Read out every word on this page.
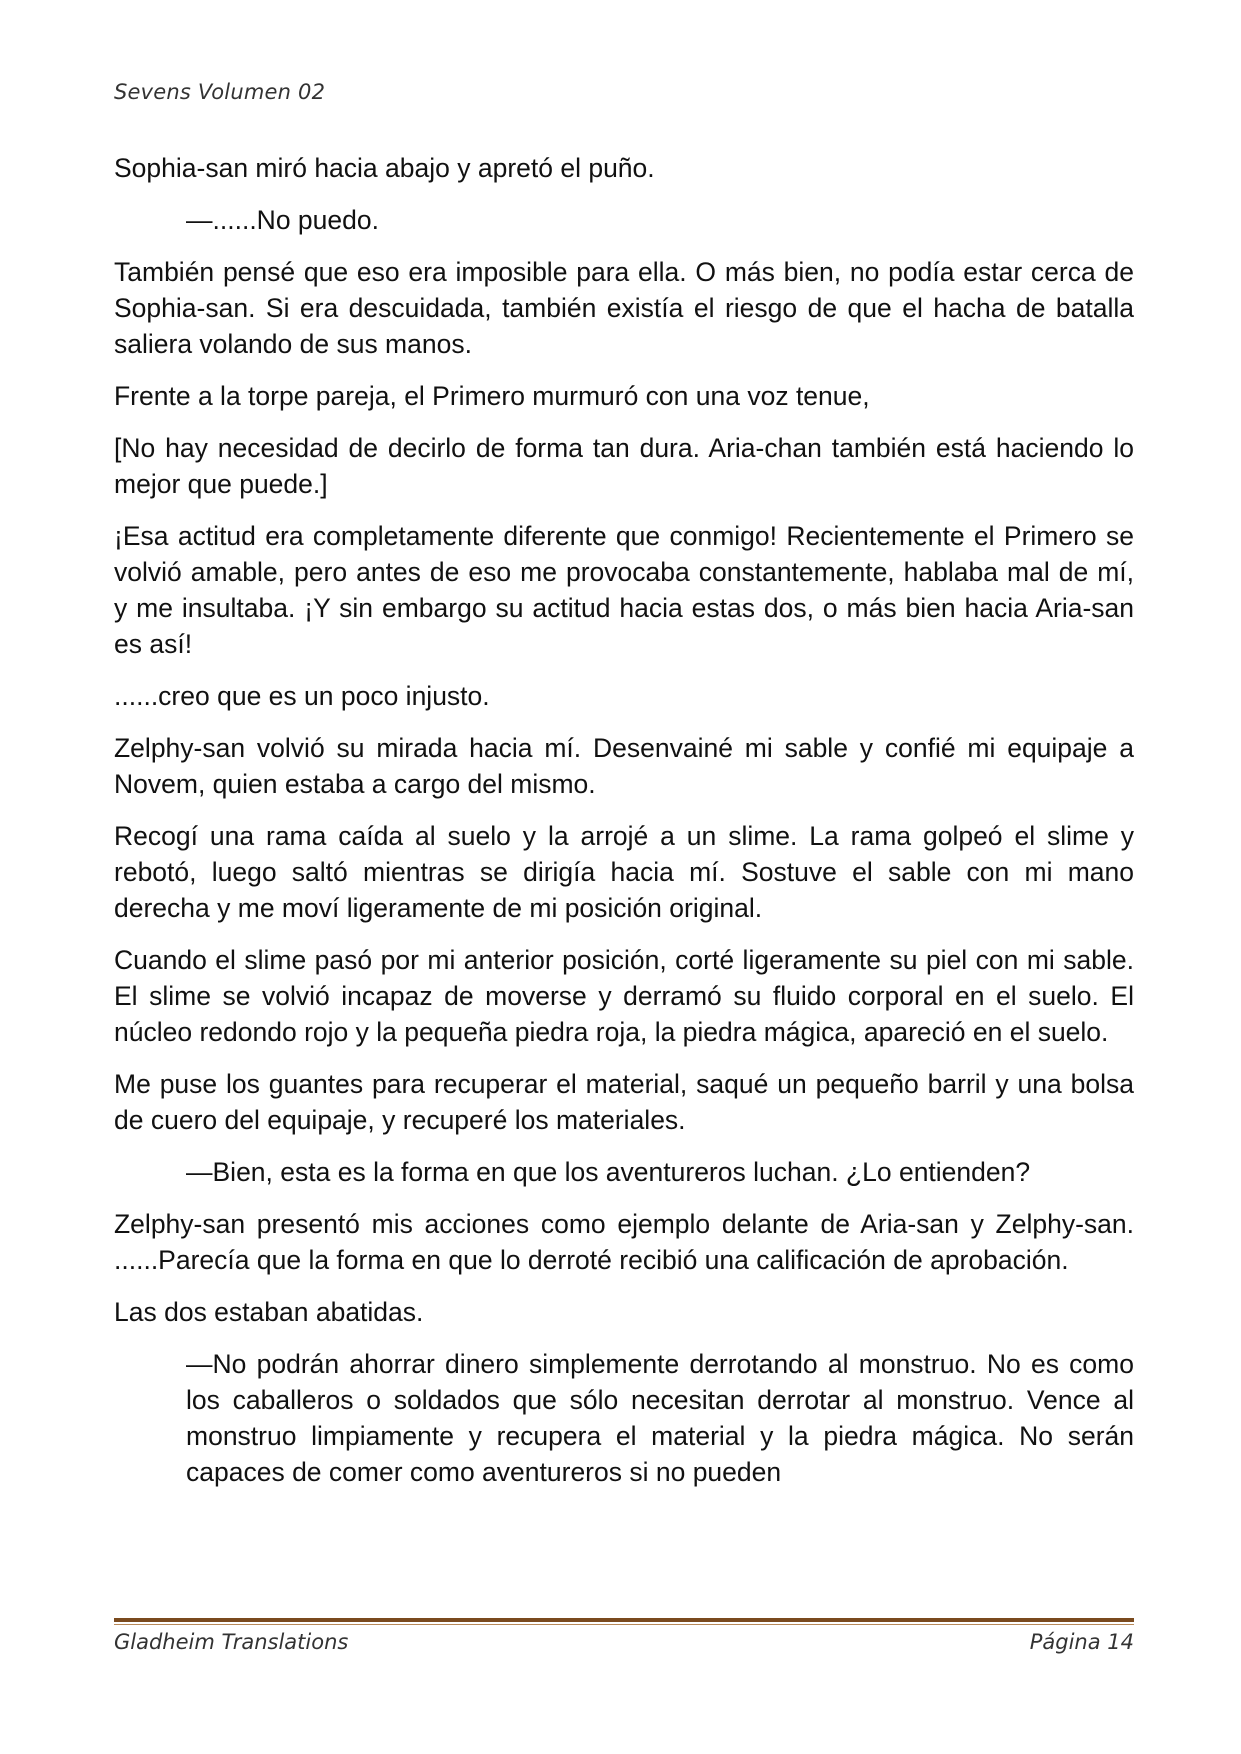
Sevens Volumen 02

Sophia-san miró hacia abajo y apretó el puño.

—......No puedo.

También pensé que eso era imposible para ella. O más bien, no podía estar cerca de Sophia-san. Si era descuidada, también existía el riesgo de que el hacha de batalla saliera volando de sus manos.

Frente a la torpe pareja, el Primero murmuró con una voz tenue,

[No hay necesidad de decirlo de forma tan dura. Aria-chan también está haciendo lo mejor que puede.]

¡Esa actitud era completamente diferente que conmigo! Recientemente el Primero se volvió amable, pero antes de eso me provocaba constantemente, hablaba mal de mí, y me insultaba. ¡Y sin embargo su actitud hacia estas dos, o más bien hacia Aria-san es así!

......creo que es un poco injusto.

Zelphy-san volvió su mirada hacia mí. Desenvainé mi sable y confié mi equipaje a Novem, quien estaba a cargo del mismo.

Recogí una rama caída al suelo y la arrojé a un slime. La rama golpeó el slime y rebotó, luego saltó mientras se dirigía hacia mí. Sostuve el sable con mi mano derecha y me moví ligeramente de mi posición original.

Cuando el slime pasó por mi anterior posición, corté ligeramente su piel con mi sable. El slime se volvió incapaz de moverse y derramó su fluido corporal en el suelo. El núcleo redondo rojo y la pequeña piedra roja, la piedra mágica, apareció en el suelo.

Me puse los guantes para recuperar el material, saqué un pequeño barril y una bolsa de cuero del equipaje, y recuperé los materiales.

—Bien, esta es la forma en que los aventureros luchan. ¿Lo entienden?

Zelphy-san presentó mis acciones como ejemplo delante de Aria-san y Zelphy-san. ......Parecía que la forma en que lo derroté recibió una calificación de aprobación.

Las dos estaban abatidas.

—No podrán ahorrar dinero simplemente derrotando al monstruo. No es como los caballeros o soldados que sólo necesitan derrotar al monstruo. Vence al monstruo limpiamente y recupera el material y la piedra mágica. No serán capaces de comer como aventureros si no pueden

Gladheim Translations	Página 14
